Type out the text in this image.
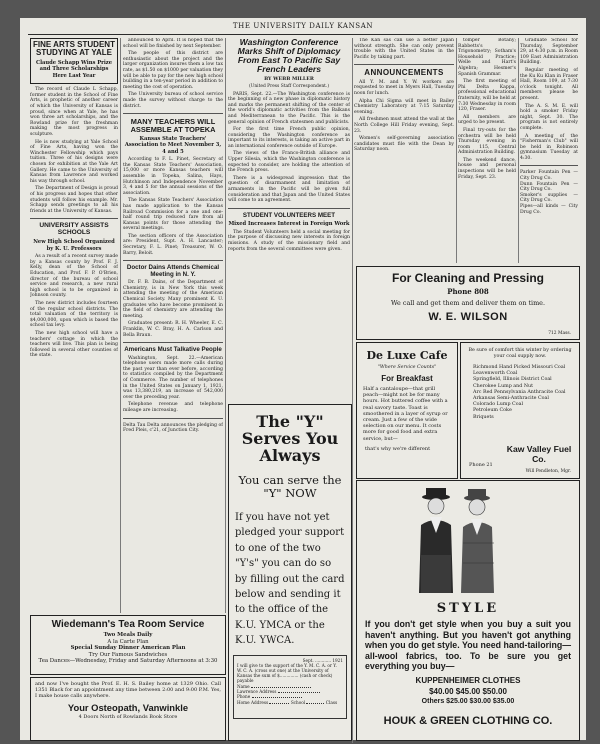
THE UNIVERSITY DAILY KANSAN
FINE ARTS STUDENT STUDYING AT YALE
Claude Schapp Wins Prize and Three Scholarships Here Last Year

The record of Claude L Schapp, former student in the School of Fine Arts, is prophetic of another career of which the University of Kansas is proud, since when at Yale, he has won three art scholarships, and the Rowland prize for the freshman making the most progress in sculpture.

He is now studying at Yale School of Fine Arts, having won the Winchester Fellowship which pays tuition. Three of his designs were chosen for exhibition at the Yale Art Gallery. He came to the University of Kansas from Lawrence and worked his way through school.

The Department of Design is proud of his progress and hopes that other students will follow his example. Mr. Schapp sends greetings to all his friends at the University of Kansas.

UNIVERSITY ASSISTS SCHOOLS
New High School Organized by K. U. Professors

As a result of a recent survey made by a Kansas county by Prof. F. J. Kelly, dean of the School of Education, and Prof. F. P. O'Brien, director of the bureau of school service and research, a new rural high school is to be organized in Johnson county.

The new district includes fourteen of the regular school districts. The total valuation of the territory is $4,000,000, upon which is based the school tax levy.

The new high school will have a teachers' cottage in which the teachers will live. This plan is being followed in several other counties of the state.

announced to April. It is hoped that the school will be finished by next September.

The people of this district are enthusiastic about the project and the larger organization insures them a low tax rate, as $1.50 on $1000 per valuation they will be able to pay for the new high school building in a ten-year period in addition to meeting the cost of operation.

The University bureau of school service made the survey without charge to the district.

MANY TEACHERS WILL ASSEMBLE AT TOPEKA
Kansas State Teachers' Association to Meet November 3, 4 and 5

According to F. L. Pinet, Secretary of the Kansas State Teachers' Association, 15,000 or more Kansas teachers will assemble in Topeka, Salina, Hays, Hutchinson and Independence November 3, 4 and 5 for the annual sessions of the association.

The Kansas State Teachers' Association has made application to the Kansas Railroad Commission for a one and one-half round trip reduced fare from all Kansas points for those attending the several meetings.

The section officers of the Association are: President, Supt. A. H. Lancaster; Secretary, F. L. Pinet; Treasurer, W. O. Barry, Beloit.

Doctor Dains Attends Chemical Meeting in N. Y.

Dr. F. B. Dains, of the Department of Chemistry, is in New York this week attending the meeting of the American Chemical Society. Many prominent K. U. graduates who have become prominent in the field of chemistry are attending the meeting.

Graduates present: R. H. Wheeler, E. C. Franklin, W. C. Bray, H. A. Carlson and Bella Braun.

Americans Must Talkative People

Washington, Sept. 22.—American telephone users made more calls during the past year than ever before, according to statistics compiled by the Department of Commerce. The number of telephones in the United States on January 1, 1921, was 13,380,219, an increase of 542,000 over the preceding year.

Telephone revenue and telephone mileage are increasing.

Delta Tau Delta announces the pledging of Fred Pleis, c'21, of Junction City.
Washington Conference Marks Shift of Diplomacy From East To Pacific Say French Leaders
BY WEBB MILLER
(United Press Staff Correspondent.)

PARIS, Sept. 22.—The Washington conference is the beginning of a new phase in diplomatic history and marks the permanent shifting of the center of the world's diplomatic activities from the Balkans and Mediterranean to the Pacific. This is the general opinion of French statesmen and publicists.

For the first time French public opinion, considering the Washington conference as important to its interests, is taking an active part in an international conference outside of Europe.

The views of the Franco-British alliance and Upper Silesia, which the Washington conference is expected to consider, are holding the attention of the French press.

There is a widespread impression that the question of disarmament and limitation of armaments in the Pacific will be given full consideration and that Japan and the United States will come to an agreement.

STUDENT VOLUNTEERS MEET
Mixed Increases Interest in Foreign Work

The Student Volunteers held a social meeting for the purpose of discussing new interests in foreign missions. A study of the missionary field and reports from the several committees were given.

The Kan sas can use a better Japan without strength. She can only prevent trouble with the United States in the Pacific by taking part.

ANNOUNCEMENTS

All Y. M. and Y. W. workers are requested to meet in Myers Hall, Tuesday noon for lunch.

Alpha Chi Sigma will meet in Bailey Chemistry Laboratory at 7:15 Saturday evening.

All freshmen must attend the wall at the North College Hill Friday evening, Sept. 23.

Women's self-governing association candidates must file with the Dean by Saturday noon.

tomper Botany; Rabbetts's Trigonometry; Sotham's Household Practice; Welle and Hart's Algebra; Hesmer's Spanish Grammar.

The first meeting of Phi Delta Kappa, professional educational fraternity, will be held at 7:30 Wednesday in room 120, Fraser.

All members are urged to be present.

Final try-outs for the orchestra will be held Thursday evening in room 115, Central Administration Building.

The weekend dance, house and personal inspections will be held Friday, Sept. 23.

Graduate School for Thursday, September 29, at 4:30 p.m. in Room 109 East Administration Building.

Regular meeting of the Ku Ku Klan in Fraser Hall, Room 109, at 7:30 o'clock tonight. All members please be present.

The A. S. M. E. will hold a smoker Friday night, Sept. 30. The program is not entirely complete.

A meeting of the "Fisherman's Club" will be held in Robinson gymnasium Tuesday at 4:30.

Parker Fountain Pen — City Drug Co.
Dunn Fountain Pen — City Drug Co.
Smoker's supplies — City Drug Co.
Pipes—all kinds — City Drug Co.
Wiedemann's Tea Room Service
Two Meals Daily
A la Carte Plan
Special Sunday Dinner American Plan
Try Our Famous Sandwiches
Tea Dances—Wednesday, Friday and Saturday Afternoons at 3:30
and now I've bought the Prof. E. H. S. Bailey home at 1329 Ohio. Call 1351 Black for an appointment any time between 2:00 and 9:00 P.M. Yes, I make house calls anywhere.
Your Osteopath, Vanwinkle
4 Doors North of Rowlands Book Store
The "Y" Serves You Always
You can serve the "Y" NOW
If you have not yet pledged your support to one of the two "Y's" you can do so by filling out the card below and sending it to the office of the K.U. YMCA or the K.U. YWCA.
Sept. ............ 1921
I will give to the support of the Y. M. C. A. or Y. W. C. A. (cross out one) at the University of Kansas the sum of $.............. (cash or check) payable
Name
Lawrence Address
Phone
Home Address	School	Class
For Cleaning and Pressing
Phone 808
We call and get them and deliver them on time.
W. E. WILSON
712 Mass.
De Luxe Cafe
"Where Service Counts"
For Breakfast
Half a cantaloupe—that grill peach—might not be for many hours. Hot buttered coffee with a real savory taste. Toast is smoothered in a layer of syrup or cream. Just a few of the wide selection on our menu. It costs more for good food and extra service, but—
that's why we're different
Be sure of comfort this winter by ordering your coal supply now.
Richmond Hand Picked Missouri Coal
Leavenworth Coal
Springfield, Illinois District Coal
Cherokee Lump and Nut
Arc Red Pennsylvania Anthracite Coal
Arkansas Semi-Anthracite Coal
Colorado Lump Coal
Petroleum Coke
Briquets
Phone 21
Kaw Valley Fuel Co.
Will Pendleton, Mgr.
STYLE
If you don't get style when you buy a suit you haven't anything. But you haven't got anything when you do get style. You need hand-tailoring—all-wool fabrics, too. To be sure you get everything you buy—
KUPPENHEIMER CLOTHES
$40.00 $45.00 $50.00
Others $25.00 $30.00 $35.00
HOUK & GREEN CLOTHING CO.
